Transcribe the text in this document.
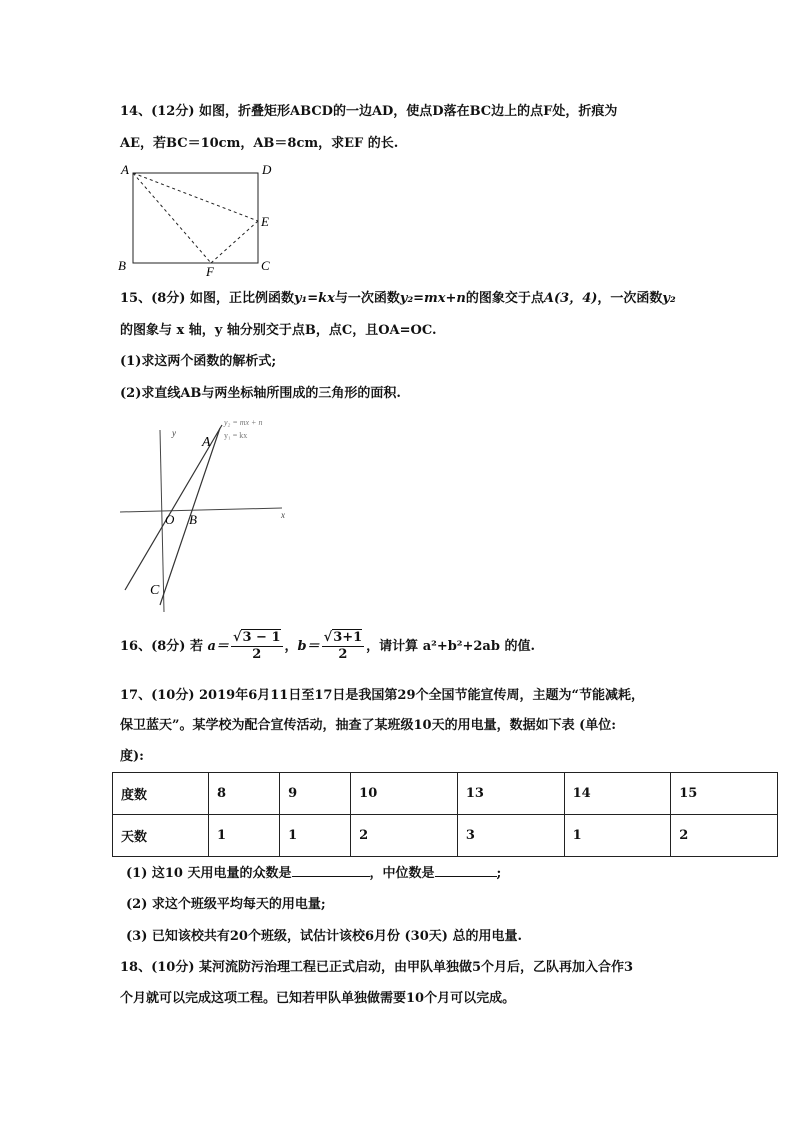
14、(12分) 如图，折叠矩形ABCD的一边AD，使点D落在BC边上的点F处，折痕为
AE，若BC＝10cm，AB＝8cm，求EF 的长.
A	D
E
B	F	C
15、(8分) 如图，正比例函数y₁=kx与一次函数y₂=mx+n的图象交于点A(3，4)，一次函数y₂
的图象与 x 轴，y 轴分别交于点B，点C，且OA=OC.
(1)求这两个函数的解析式;
(2)求直线AB与两坐标轴所围成的三角形的面积.
y
x
y₂ = mx + n
y₁ = kx
A
O B
C
16、(8分) 若 $a= \frac{√3 - 1}{2}$ ，$b= \frac{√3+1}{2}$ ，请计算 a²+b²+2ab 的值.
17、(10分) 2019年6月11日至17日是我国第29个全国节能宣传周，主题为“节能减耗，
保卫蓝天”。某学校为配合宣传活动，抽查了某班级10天的用电量，数据如下表 (单位:
度):
度数	8	9	10	13	14	15
天数	1	1	2	3	1	2
(1) 这10 天用电量的众数是	，中位数是	;
(2) 求这个班级平均每天的用电量;
(3) 已知该校共有20个班级，试估计该校6月份 (30天) 总的用电量.
18、(10分) 某河流防污治理工程已正式启动，由甲队单独做5个月后，乙队再加入合作3
个月就可以完成这项工程。已知若甲队单独做需要10个月可以完成。
